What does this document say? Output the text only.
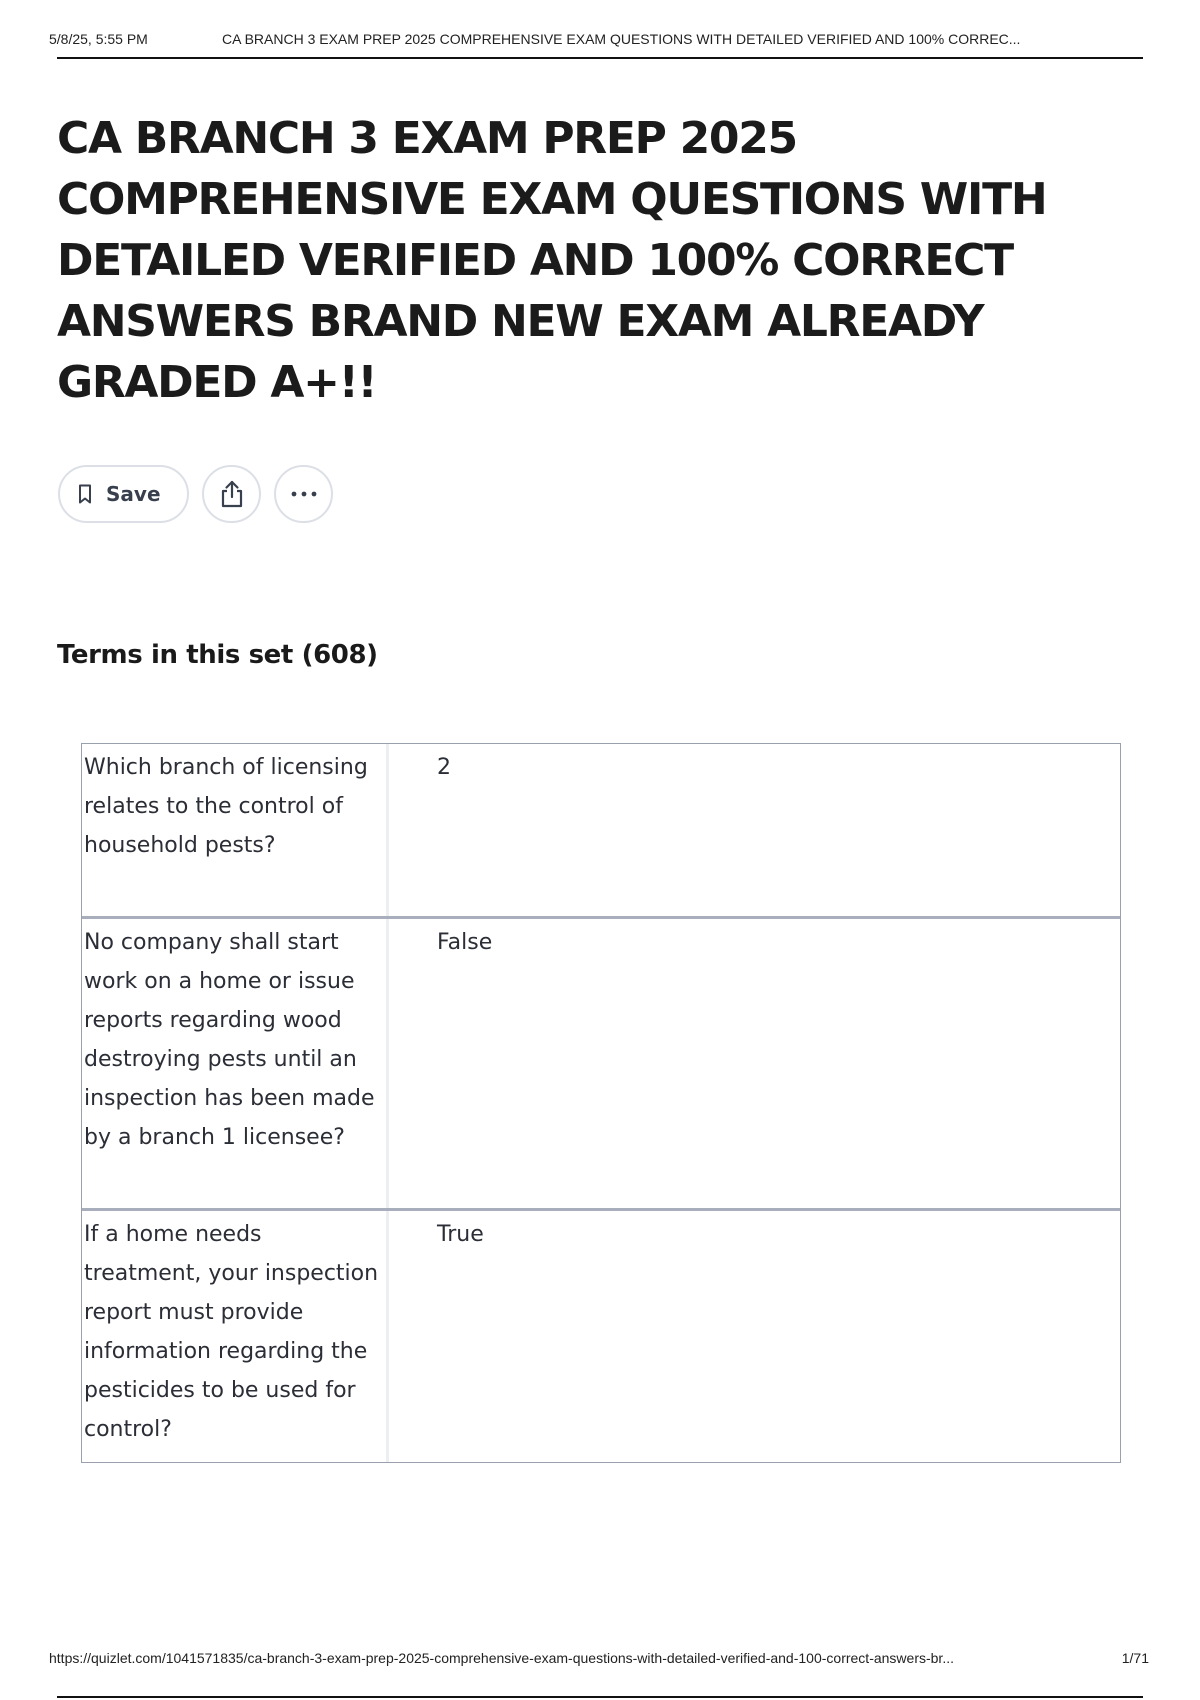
5/8/25, 5:55 PM	CA BRANCH 3 EXAM PREP 2025 COMPREHENSIVE EXAM QUESTIONS WITH DETAILED VERIFIED AND 100% CORREC...
CA BRANCH 3 EXAM PREP 2025 COMPREHENSIVE EXAM QUESTIONS WITH DETAILED VERIFIED AND 100% CORRECT ANSWERS BRAND NEW EXAM ALREADY GRADED A+!!
Save
Terms in this set (608)
Which branch of licensing relates to the control of household pests?
2
No company shall start work on a home or issue reports regarding wood destroying pests until an inspection has been made by a branch 1 licensee?
False
If a home needs treatment, your inspection report must provide information regarding the pesticides to be used for control?
True
https://quizlet.com/1041571835/ca-branch-3-exam-prep-2025-comprehensive-exam-questions-with-detailed-verified-and-100-correct-answers-br...	1/71
